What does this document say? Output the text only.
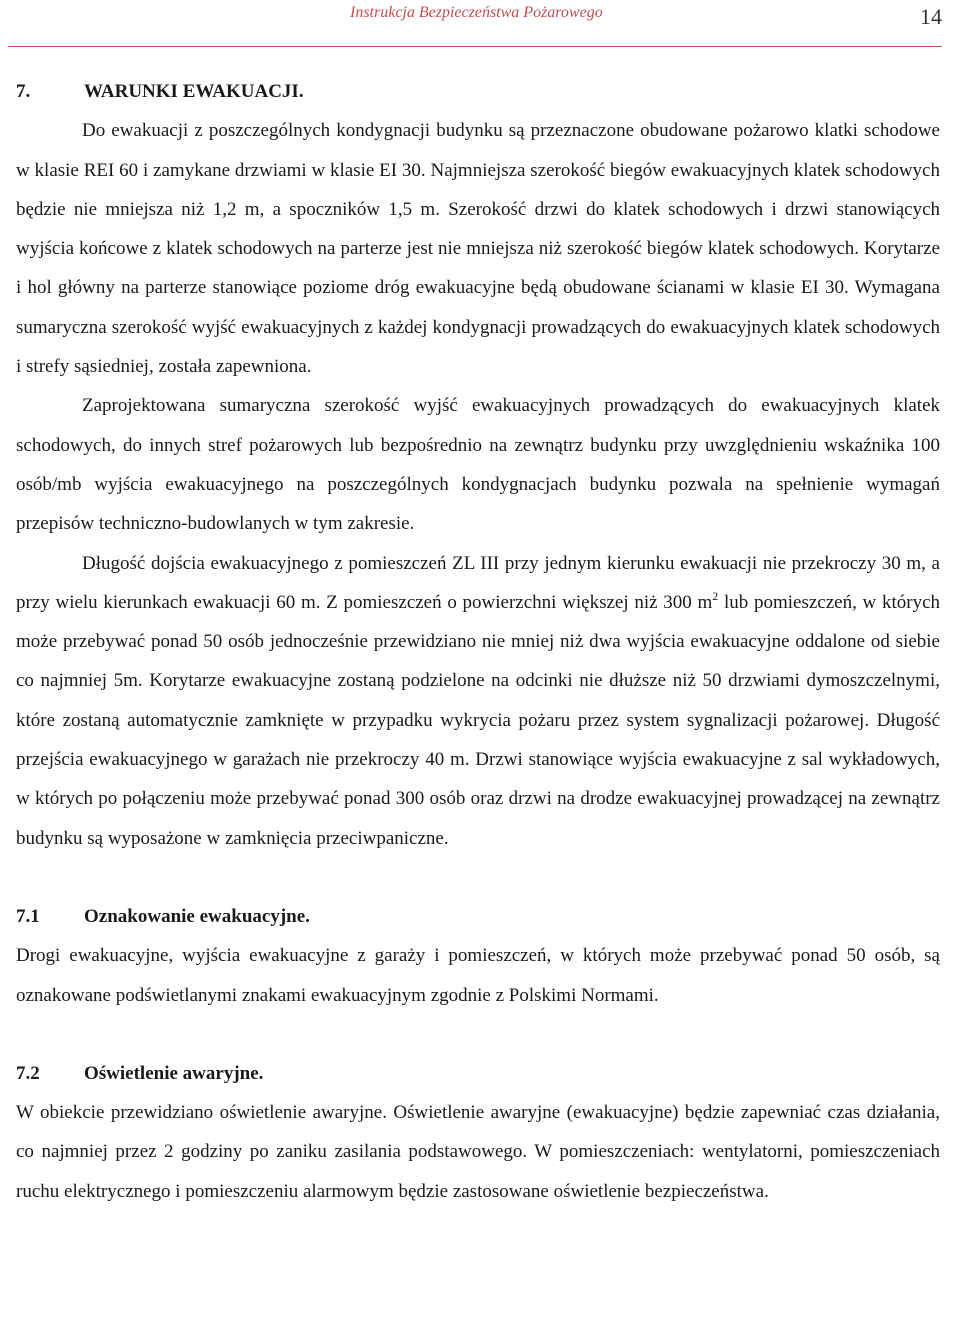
Instrukcja Bezpieczeństwa Pożarowego	14
7.	WARUNKI EWAKUACJI.

Do ewakuacji z poszczególnych kondygnacji budynku są przeznaczone obudowane pożarowo klatki schodowe w klasie REI 60 i zamykane drzwiami w klasie EI 30. Najmniejsza szerokość biegów ewakuacyjnych klatek schodowych będzie nie mniejsza niż 1,2 m, a spoczników 1,5 m. Szerokość drzwi do klatek schodowych i drzwi stanowiących wyjścia końcowe z klatek schodowych na parterze jest nie mniejsza niż szerokość biegów klatek schodowych. Korytarze i hol główny na parterze stanowiące poziome dróg ewakuacyjne będą obudowane ścianami w klasie EI 30. Wymagana sumaryczna szerokość wyjść ewakuacyjnych z każdej kondygnacji prowadzących do ewakuacyjnych klatek schodowych i strefy sąsiedniej, została zapewniona.

Zaprojektowana sumaryczna szerokość wyjść ewakuacyjnych prowadzących do ewakuacyjnych klatek schodowych, do innych stref pożarowych lub bezpośrednio na zewnątrz budynku przy uwzględnieniu wskaźnika 100 osób/mb wyjścia ewakuacyjnego na poszczególnych kondygnacjach budynku pozwala na spełnienie wymagań przepisów techniczno-budowlanych w tym zakresie.

Długość dojścia ewakuacyjnego z pomieszczeń ZL III przy jednym kierunku ewakuacji nie przekroczy 30 m, a przy wielu kierunkach ewakuacji 60 m. Z pomieszczeń o powierzchni większej niż 300 $m^2$ lub pomieszczeń, w których może przebywać ponad 50 osób jednocześnie przewidziano nie mniej niż dwa wyjścia ewakuacyjne oddalone od siebie co najmniej 5m. Korytarze ewakuacyjne zostaną podzielone na odcinki nie dłuższe niż 50 drzwiami dymoszczelnymi, które zostaną automatycznie zamknięte w przypadku wykrycia pożaru przez system sygnalizacji pożarowej. Długość przejścia ewakuacyjnego w garażach nie przekroczy 40 m. Drzwi stanowiące wyjścia ewakuacyjne z sal wykładowych, w których po połączeniu może przebywać ponad 300 osób oraz drzwi na drodze ewakuacyjnej prowadzącej na zewnątrz budynku są wyposażone w zamknięcia przeciwpaniczne.

7.1	Oznakowanie ewakuacyjne.

Drogi ewakuacyjne, wyjścia ewakuacyjne z garaży i pomieszczeń, w których może przebywać ponad 50 osób, są oznakowane podświetlanymi znakami ewakuacyjnym zgodnie z Polskimi Normami.

7.2	Oświetlenie awaryjne.

W obiekcie przewidziano oświetlenie awaryjne. Oświetlenie awaryjne (ewakuacyjne) będzie zapewniać czas działania, co najmniej przez 2 godziny po zaniku zasilania podstawowego. W pomieszczeniach: wentylatorni, pomieszczeniach ruchu elektrycznego i pomieszczeniu alarmowym będzie zastosowane oświetlenie bezpieczeństwa.
